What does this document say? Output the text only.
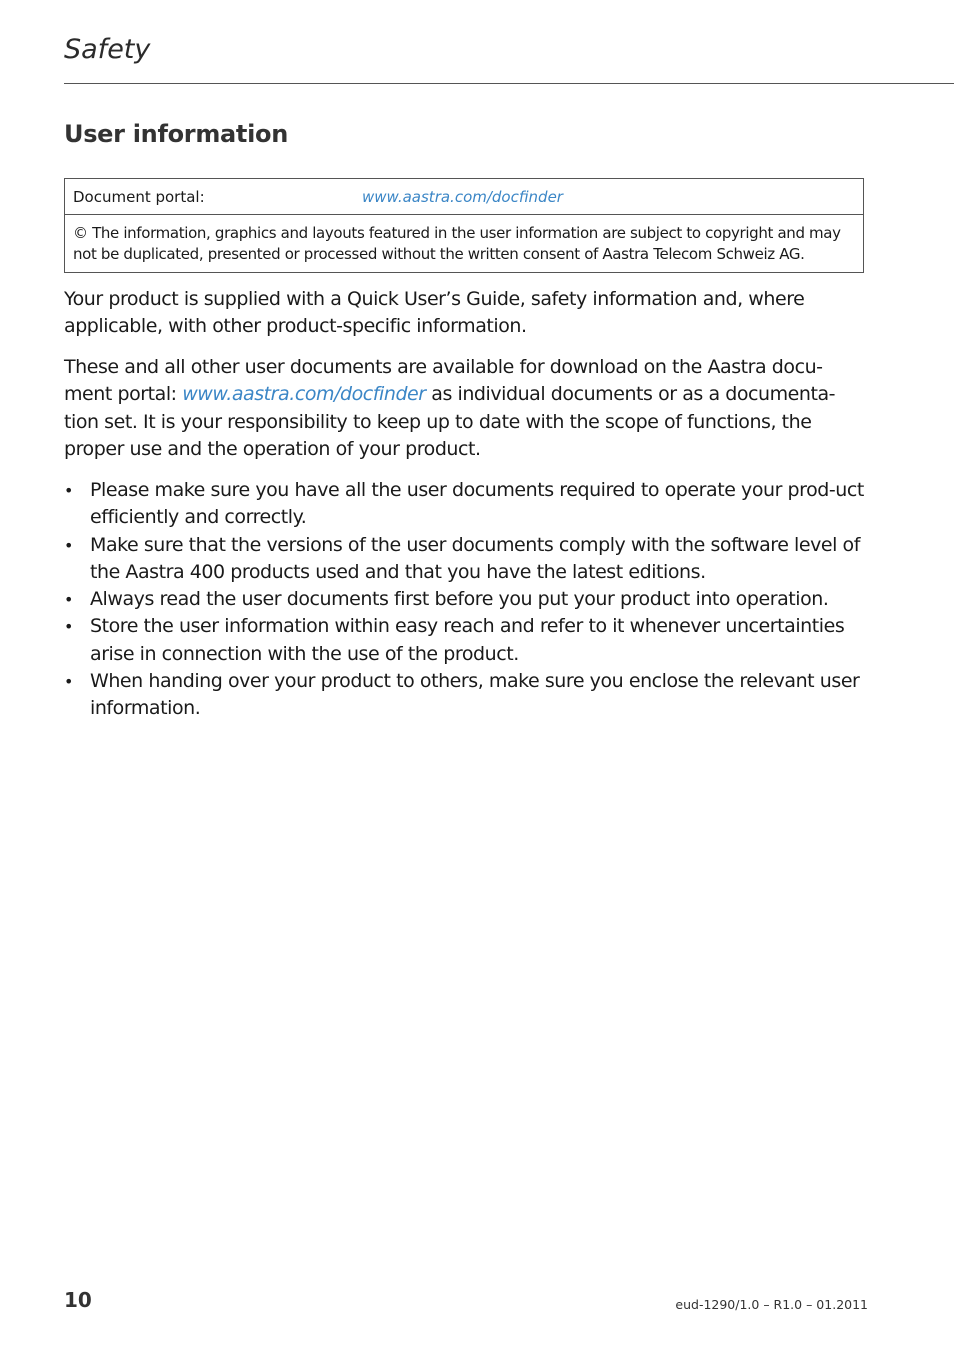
Safety
User information
Document portal:	www.aastra.com/docfinder
© The information, graphics and layouts featured in the user information are subject to copyright and may not be duplicated, presented or processed without the written consent of Aastra Telecom Schweiz AG.

Your product is supplied with a Quick User’s Guide, safety information and, where applicable, with other product-specific information.

These and all other user documents are available for download on the Aastra docu-ment portal: www.aastra.com/docfinder as individual documents or as a documenta-tion set. It is your responsibility to keep up to date with the scope of functions, the proper use and the operation of your product.

• Please make sure you have all the user documents required to operate your prod-uct efficiently and correctly.
• Make sure that the versions of the user documents comply with the software level of the Aastra 400 products used and that you have the latest editions.
• Always read the user documents first before you put your product into operation.
• Store the user information within easy reach and refer to it whenever uncertainties arise in connection with the use of the product.
• When handing over your product to others, make sure you enclose the relevant user information.
10	eud-1290/1.0 – R1.0 – 01.2011
